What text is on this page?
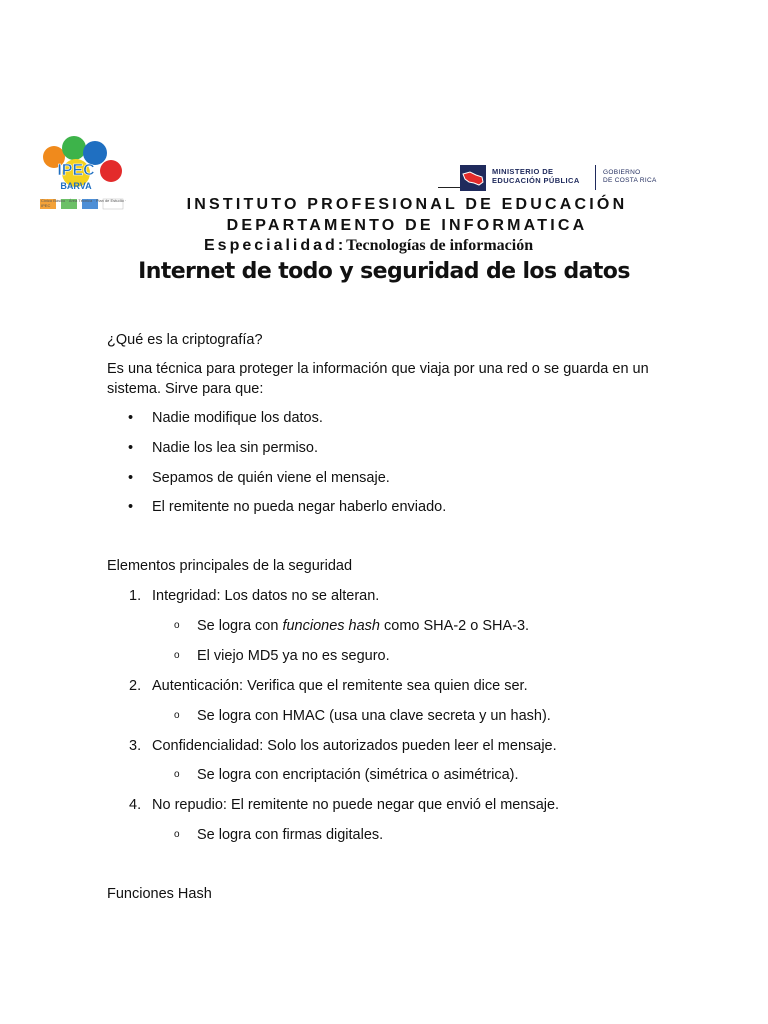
IPEC
BARVA
Cívico Básico · Área Técnica · Plan de Estudio · IPEC
MINISTERIO DE
EDUCACIÓN PÚBLICA
GOBIERNO
DE COSTA RICA
INSTITUTO PROFESIONAL DE EDUCACIÓN
DEPARTAMENTO DE INFORMATICA
Especialidad:Tecnologías de información
Internet de todo y seguridad de los datos
¿Qué es la criptografía?
Es una técnica para proteger la información que viaja por una red o se guarda en un sistema. Sirve para que:
• Nadie modifique los datos.
• Nadie los lea sin permiso.
• Sepamos de quién viene el mensaje.
• El remitente no pueda negar haberlo enviado.
Elementos principales de la seguridad
1. Integridad: Los datos no se alteran.
o Se logra con funciones hash como SHA-2 o SHA-3.
o El viejo MD5 ya no es seguro.
2. Autenticación: Verifica que el remitente sea quien dice ser.
o Se logra con HMAC (usa una clave secreta y un hash).
3. Confidencialidad: Solo los autorizados pueden leer el mensaje.
o Se logra con encriptación (simétrica o asimétrica).
4. No repudio: El remitente no puede negar que envió el mensaje.
o Se logra con firmas digitales.
Funciones Hash
